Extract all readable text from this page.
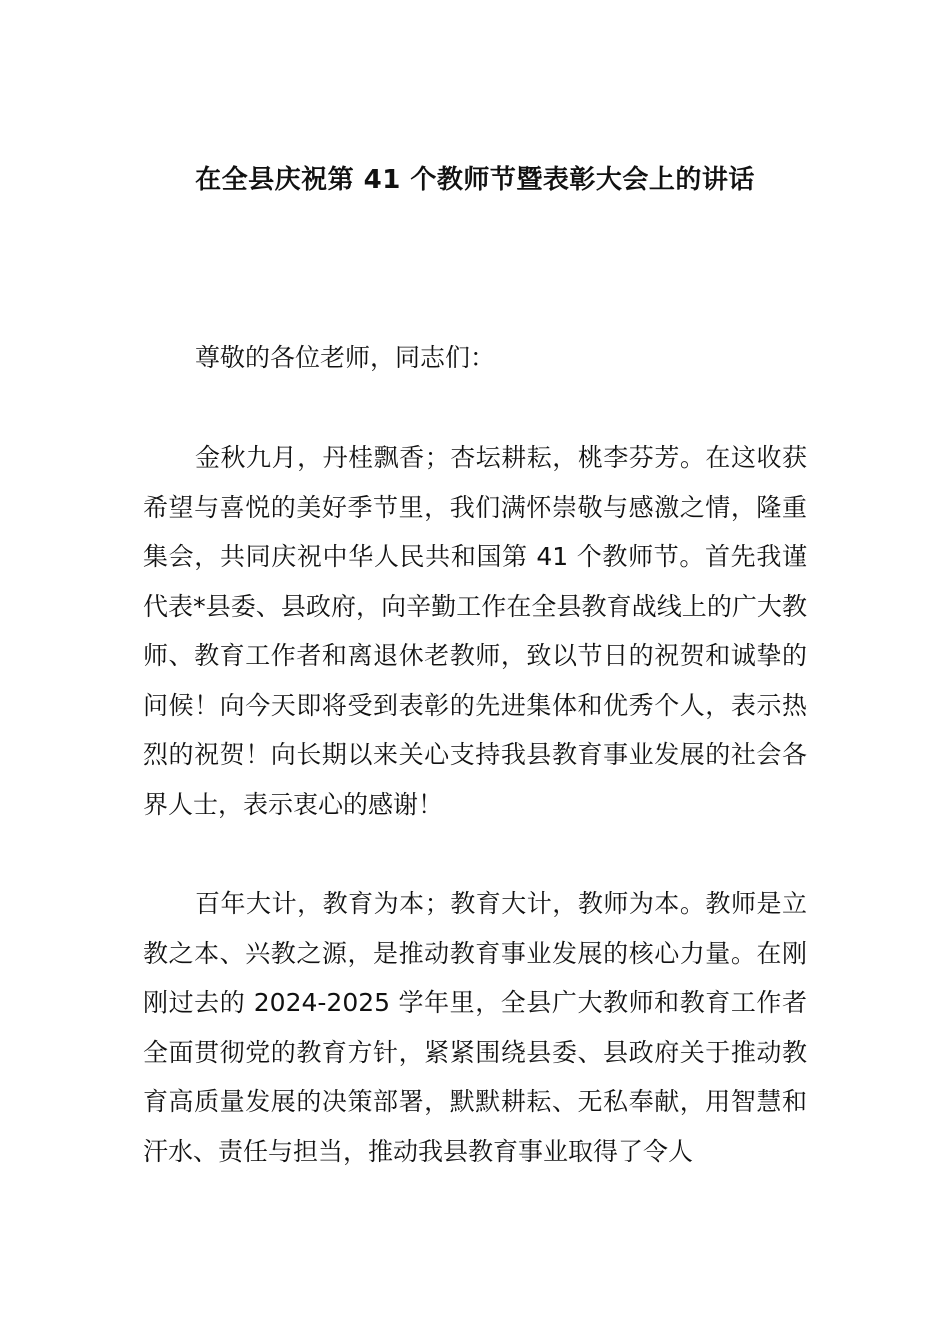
在全县庆祝第 41 个教师节暨表彰大会上的讲话

尊敬的各位老师，同志们：

金秋九月，丹桂飘香；杏坛耕耘，桃李芬芳。在这收获希望与喜悦的美好季节里，我们满怀崇敬与感激之情，隆重集会，共同庆祝中华人民共和国第 41 个教师节。首先我谨代表*县委、县政府，向辛勤工作在全县教育战线上的广大教师、教育工作者和离退休老教师，致以节日的祝贺和诚挚的问候！向今天即将受到表彰的先进集体和优秀个人，表示热烈的祝贺！向长期以来关心支持我县教育事业发展的社会各界人士，表示衷心的感谢！

百年大计，教育为本；教育大计，教师为本。教师是立教之本、兴教之源，是推动教育事业发展的核心力量。在刚刚过去的 2024-2025 学年里，全县广大教师和教育工作者全面贯彻党的教育方针，紧紧围绕县委、县政府关于推动教育高质量发展的决策部署，默默耕耘、无私奉献，用智慧和汗水、责任与担当，推动我县教育事业取得了令人
